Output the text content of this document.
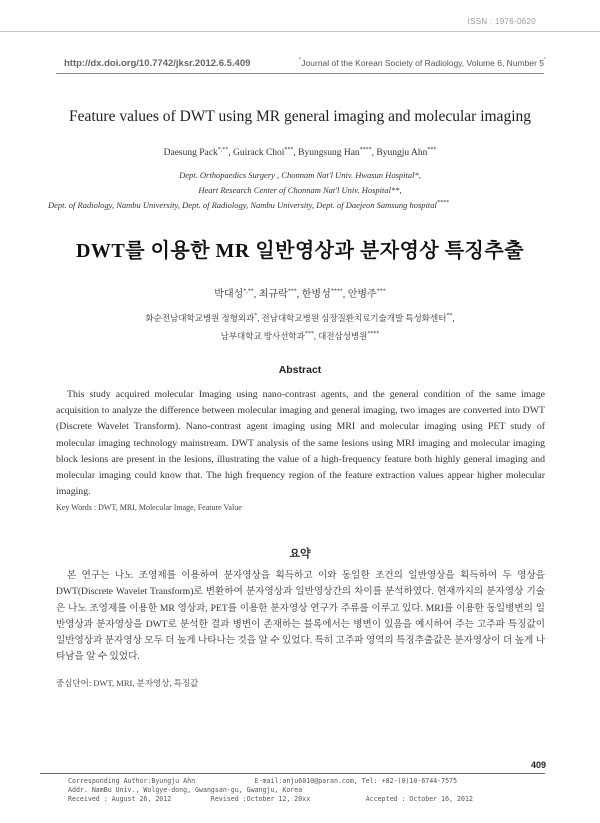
ISSN : 1976-0620
http://dx.doi.org/10.7742/jksr.2012.6.5.409	“Journal of the Korean Society of Radiology, Volume 6, Number 5”
Feature values of DWT using MR general imaging and molecular imaging
Daesung Pack*,**, Guirack Choi***, Byungsung Han****, Byungju Ahn***
Dept. Orthopaedics Surgery , Chonnam Nat'l Univ. Hwasun Hospital*,
Heart Research Center of Chonnam Nat'l Univ. Hospital**,
Dept. of Radiology, Nambu University, Dept. of Radiology, Nambu University, Dept. of Daejeon Samsung hospital****
DWT를 이용한 MR 일반영상과 분자영상 특징추출
박대성*,**, 최규락***, 한병성****, 안병주***
화순전남대학교병원 정형외과*, 전남대학교병원 심장질환치료기술개발 특성화센터**,
남부대학교 방사선학과***, 대전삼성병원****
Abstract
This study acquired molecular Imaging using nano-contrast agents, and the general condition of the same image acquisition to analyze the difference between molecular imaging and general imaging, two images are converted into DWT (Discrete Wavelet Transform). Nano-contrast agent imaging using MRI and molecular imaging using PET study of molecular imaging technology mainstream. DWT analysis of the same lesions using MRI imaging and molecular imaging block lesions are present in the lesions, illustrating the value of a high-frequency feature both highly general imaging and molecular imaging could know that. The high frequency region of the feature extraction values appear higher molecular imaging.
Key Words : DWT, MRI, Molecular Image, Feature Value
요약
본 연구는 나노 조영제를 이용하여 분자영상을 획득하고 이와 동일한 조건의 일반영상을 획득하여 두 영상을 DWT(Discrete Wavelet Transform)로 변환하여 분자영상과 일반영상간의 차이를 분석하였다. 현재까지의 분자영상 기술은 나노 조영제를 이용한 MR 영상과, PET를 이용한 분자영상 연구가 주류를 이루고 있다. MRI를 이용한 동일병변의 일반영상과 분자영상을 DWT로 분석한 결과 병변이 존재하는 블록에서는 병변이 있음을 예시하여 주는 고주파 특징값이 일반영상과 분자영상 모두 더 높게 나타나는 것을 알 수 있었다. 특히 고주파 영역의 특징추출값은 분자영상이 더 높게 나타남을 알 수 있었다.
중심단어: DWT, MRI, 분자영상, 특징값
409
Corresponding Author:Byungju Ahn	E-mail:anju6010@paran.com, Tel: +82-(0)10-6744-7575
Addr. NamBu Univ., Wolgye-dong, Gwangsan-gu, Gwangju, Korea
Received : August 26, 2012	Revised :October 12, 20xx	Accepted : October 16, 2012
